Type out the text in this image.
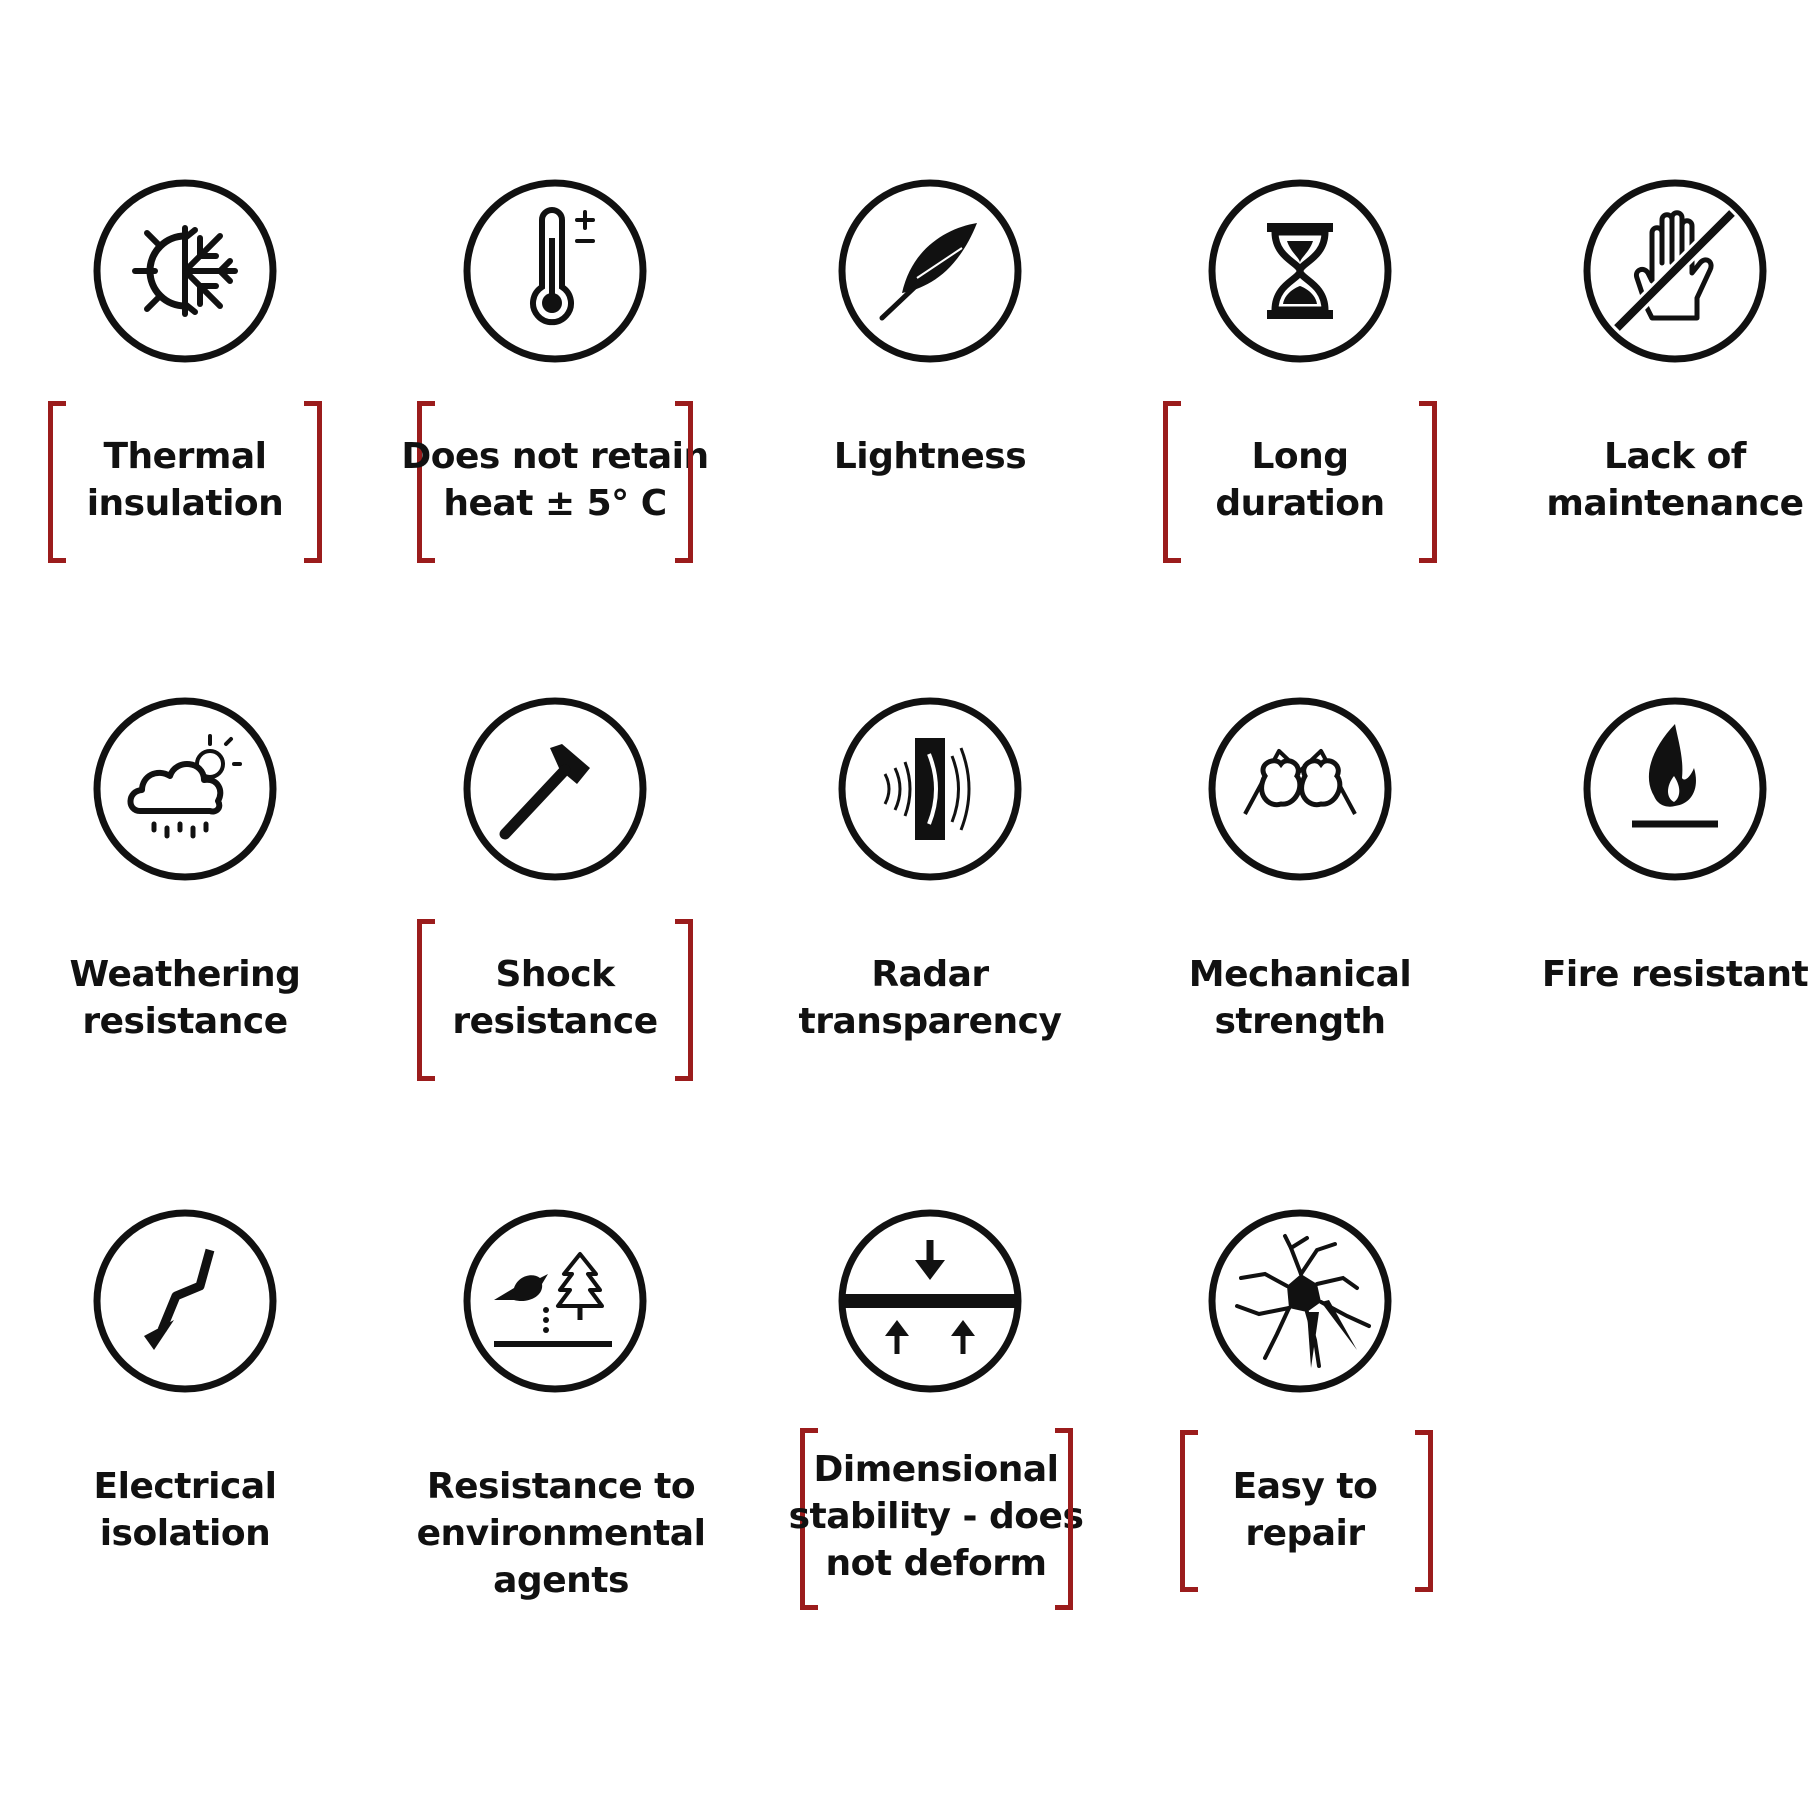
Thermal
insulation
Does not retain
heat ± 5° C
Lightness	Long
duration
Lack of
maintenance
Weathering
resistance
Shock
resistance
Radar
transparency
Mechanical
strength
Fire resistant
Electrical
isolation
Resistance to
environmental
agents
Dimensional
stability - does
not deform
Easy to
repair
